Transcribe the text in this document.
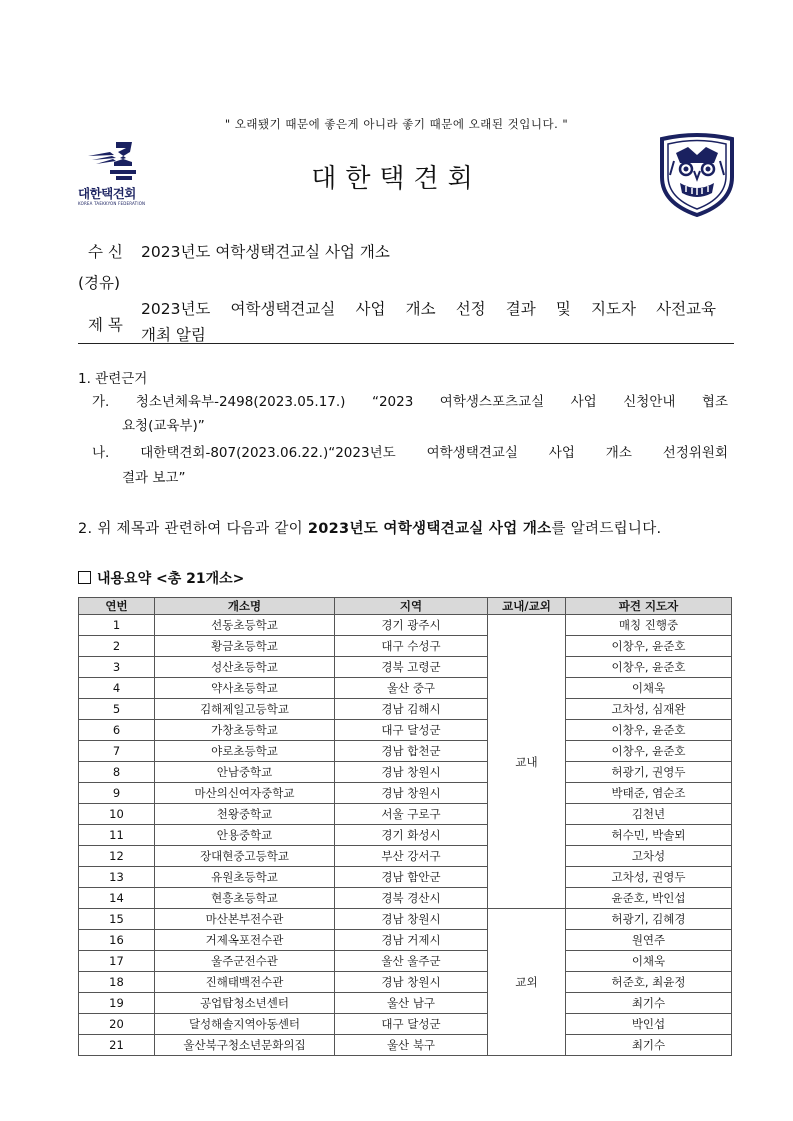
" 오래됐기 때문에 좋은게 아니라 좋기 때문에 오래된 것입니다. "
대한택견회
KOREA TAEKKYON FEDERATION
대한택견회
수 신 2023년도 여학생택견교실 사업 개소
(경유)
제 목
2023년도 여학생택견교실 사업 개소 선정 결과 및 지도자 사전교육
개최 알림
1. 관련근거
가. 청소년체육부-2498(2023.05.17.) “2023 여학생스포츠교실 사업 신청안내 협조
요청(교육부)”
나. 대한택견회-807(2023.06.22.)“2023년도 여학생택견교실 사업 개소 선정위원회
결과 보고”
2. 위 제목과 관련하여 다음과 같이 2023년도 여학생택견교실 사업 개소를 알려드립니다.
내용요약 <총 21개소>
연번	개소명	지역	교내/교외	파견 지도자
1	선동초등학교	경기 광주시	교내	매칭 진행중
2	황금초등학교	대구 수성구		이창우, 윤준호
3	성산초등학교	경북 고령군		이창우, 윤준호
4	약사초등학교	울산 중구		이채욱
5	김해제일고등학교	경남 김해시		고차성, 심재완
6	가창초등학교	대구 달성군		이창우, 윤준호
7	야로초등학교	경남 합천군		이창우, 윤준호
8	안남중학교	경남 창원시		허광기, 권영두
9	마산의신여자중학교	경남 창원시		박태준, 염순조
10	천왕중학교	서울 구로구		김천년
11	안용중학교	경기 화성시		허수민, 박솔뫼
12	장대현중고등학교	부산 강서구		고차성
13	유원초등학교	경남 함안군		고차성, 권영두
14	현흥초등학교	경북 경산시		윤준호, 박인섭
15	마산본부전수관	경남 창원시	교외	허광기, 김혜경
16	거제옥포전수관	경남 거제시		원연주
17	울주군전수관	울산 울주군		이채욱
18	진해태백전수관	경남 창원시		허준호, 최윤정
19	공업탑청소년센터	울산 남구		최기수
20	달성해솔지역아동센터	대구 달성군		박인섭
21	울산북구청소년문화의집	울산 북구		최기수
